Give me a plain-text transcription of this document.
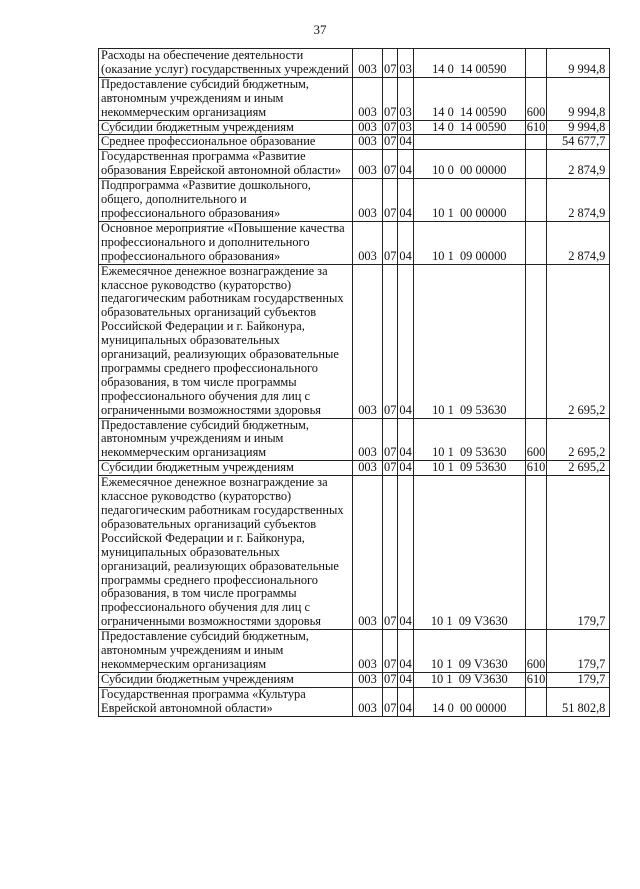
37
Расходы на обеспечение деятельности (оказание услуг) государственных учреждений	003	07	03	14 0  14 00590		9 994,8
Предоставление субсидий бюджетным, автономным учреждениям и иным некоммерческим организациям	003	07	03	14 0  14 00590	600	9 994,8
Субсидии бюджетным учреждениям	003	07	03	14 0  14 00590	610	9 994,8
Среднее профессиональное образование	003	07	04			54 677,7
Государственная программа «Развитие образования Еврейской автономной области»	003	07	04	10 0  00 00000		2 874,9
Подпрограмма «Развитие дошкольного, общего, дополнительного и профессионального образования»	003	07	04	10 1  00 00000		2 874,9
Основное мероприятие «Повышение качества профессионального и дополнительного профессионального образования»	003	07	04	10 1  09 00000		2 874,9
Ежемесячное денежное вознаграждение за классное руководство (кураторство) педагогическим работникам государственных образовательных организаций субъектов Российской Федерации и г. Байконура, муниципальных образовательных организаций, реализующих образовательные программы среднего профессионального образования, в том числе программы профессионального обучения для лиц с ограниченными возможностями здоровья	003	07	04	10 1  09 53630		2 695,2
Предоставление субсидий бюджетным, автономным учреждениям и иным некоммерческим организациям	003	07	04	10 1  09 53630	600	2 695,2
Субсидии бюджетным учреждениям	003	07	04	10 1  09 53630	610	2 695,2
Ежемесячное денежное вознаграждение за классное руководство (кураторство) педагогическим работникам государственных образовательных организаций субъектов Российской Федерации и г. Байконура, муниципальных образовательных организаций, реализующих образовательные программы среднего профессионального образования, в том числе программы профессионального обучения для лиц с ограниченными возможностями здоровья	003	07	04	10 1  09 V3630		179,7
Предоставление субсидий бюджетным, автономным учреждениям и иным некоммерческим организациям	003	07	04	10 1  09 V3630	600	179,7
Субсидии бюджетным учреждениям	003	07	04	10 1  09 V3630	610	179,7
Государственная программа «Культура Еврейской автономной области»	003	07	04	14 0  00 00000		51 802,8
